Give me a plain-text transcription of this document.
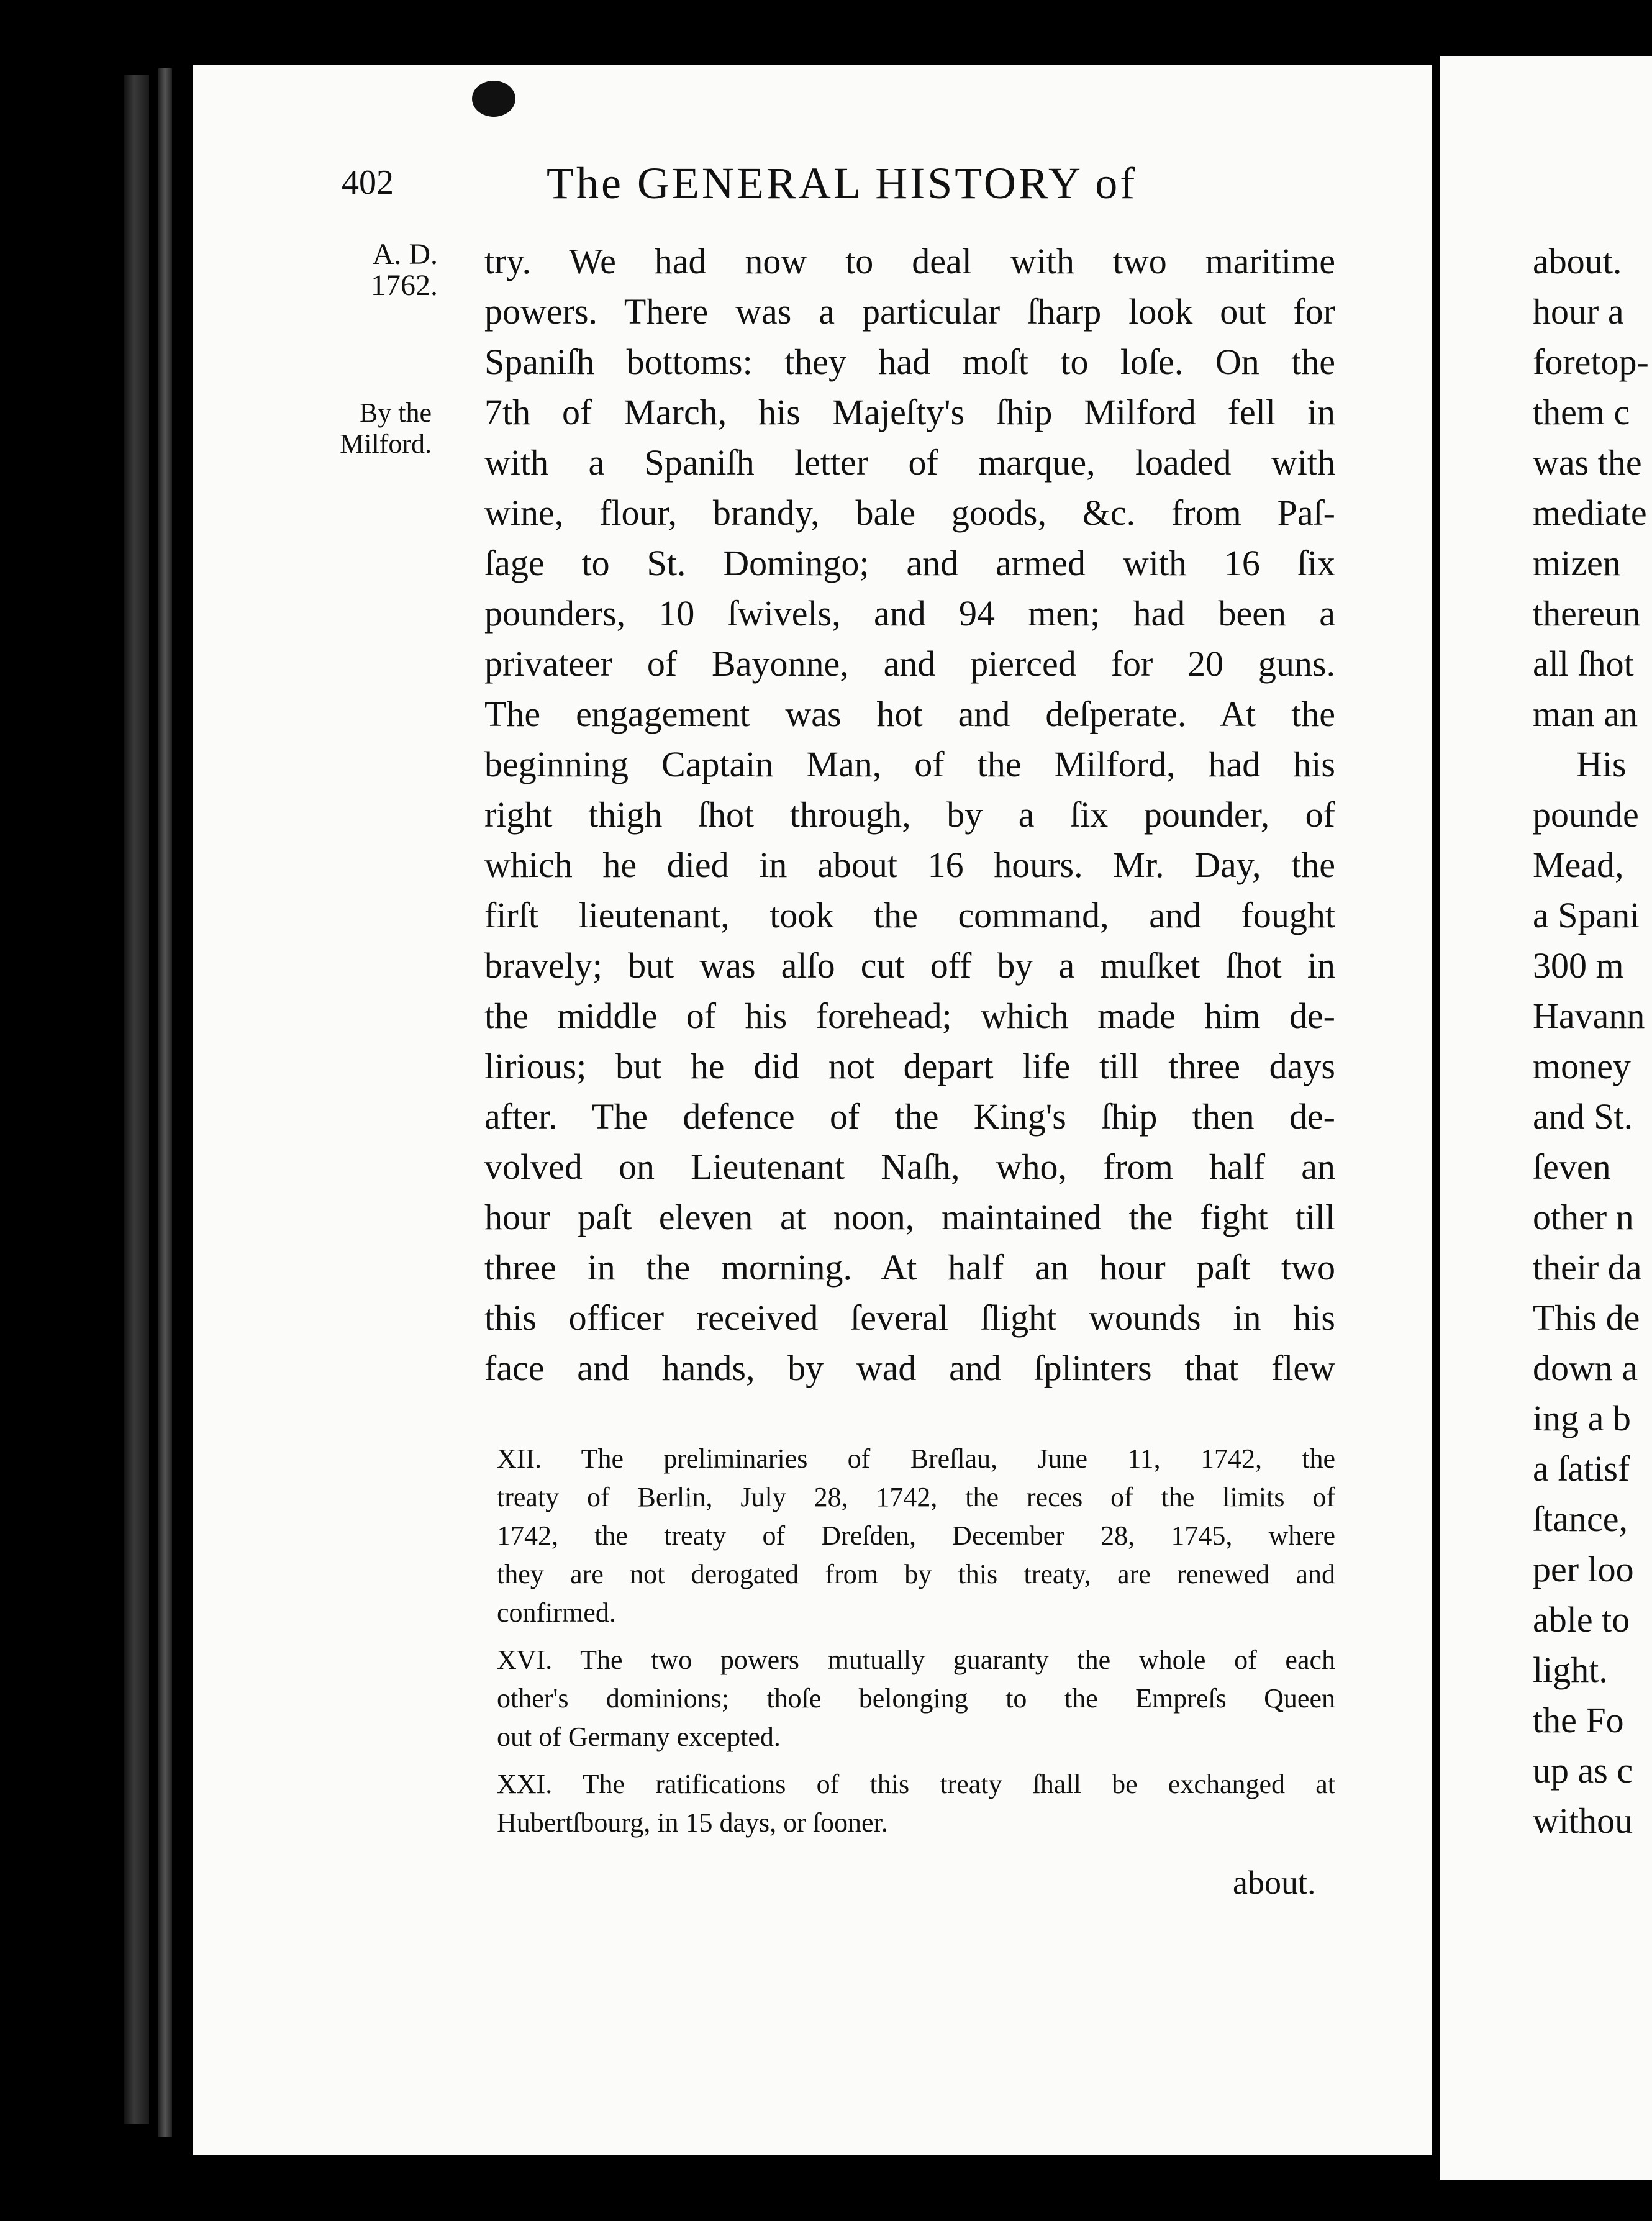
402	The GENERAL HISTORY of
A. D.
1762.
By the
Milford.
try. We had now to deal with two maritime
powers. There was a particular ſharp look out for
Spaniſh bottoms: they had moſt to loſe. On the
7th of March, his Majeſty's ſhip Milford fell in
with a Spaniſh letter of marque, loaded with
wine, flour, brandy, bale goods, &c. from Paſ-
ſage to St. Domingo; and armed with 16 ſix
pounders, 10 ſwivels, and 94 men; had been a
privateer of Bayonne, and pierced for 20 guns.
The engagement was hot and deſperate. At the
beginning Captain Man, of the Milford, had his
right thigh ſhot through, by a ſix pounder, of
which he died in about 16 hours. Mr. Day, the
firſt lieutenant, took the command, and fought
bravely; but was alſo cut off by a muſket ſhot in
the middle of his forehead; which made him de-
lirious; but he did not depart life till three days
after. The defence of the King's ſhip then de-
volved on Lieutenant Naſh, who, from half an
hour paſt eleven at noon, maintained the fight till
three in the morning. At half an hour paſt two
this officer received ſeveral ſlight wounds in his
face and hands, by wad and ſplinters that flew
XII. The preliminaries of Breſlau, June 11, 1742, the
treaty of Berlin, July 28, 1742, the reces of the limits of
1742, the treaty of Dreſden, December 28, 1745, where
they are not derogated from by this treaty, are renewed and
confirmed.
XVI. The two powers mutually guaranty the whole of each
other's dominions; thoſe belonging to the Empreſs Queen
out of Germany excepted.
XXI. The ratifications of this treaty ſhall be exchanged at
Hubertſbourg, in 15 days, or ſooner.
about.
about.
hour a
foretop-
them c
was the
mediate
mizen
thereun
all ſhot
man an
His
pounde
Mead,
a Spani
300 m
Havann
money
and St.
ſeven
other n
their da
This de
down a
ing a b
a ſatisf
ſtance,
per loo
able to
light.
the Fo
up as c
withou
